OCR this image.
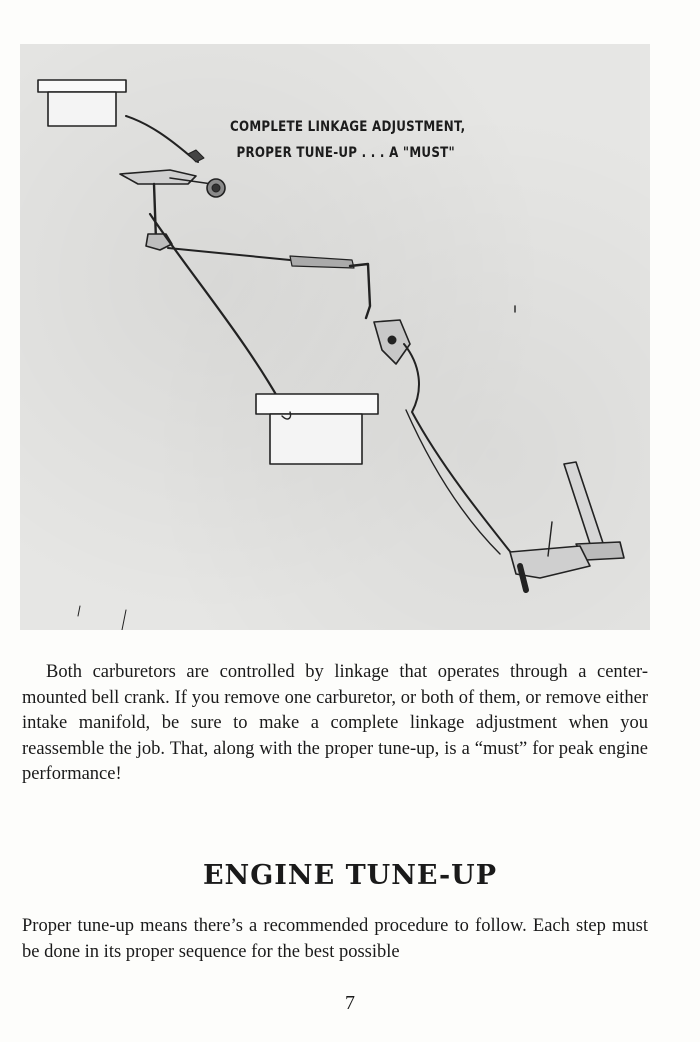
COMPLETE LINKAGE ADJUSTMENT,
PROPER TUNE-UP . . . A "MUST"

Both carburetors are controlled by linkage that operates through a center-mounted bell crank. If you remove one carburetor, or both of them, or remove either intake manifold, be sure to make a complete linkage adjustment when you reassemble the job. That, along with the proper tune-up, is a “must” for peak engine performance!

ENGINE TUNE-UP

Proper tune-up means there’s a recommended procedure to follow. Each step must be done in its proper sequence for the best possible

7
